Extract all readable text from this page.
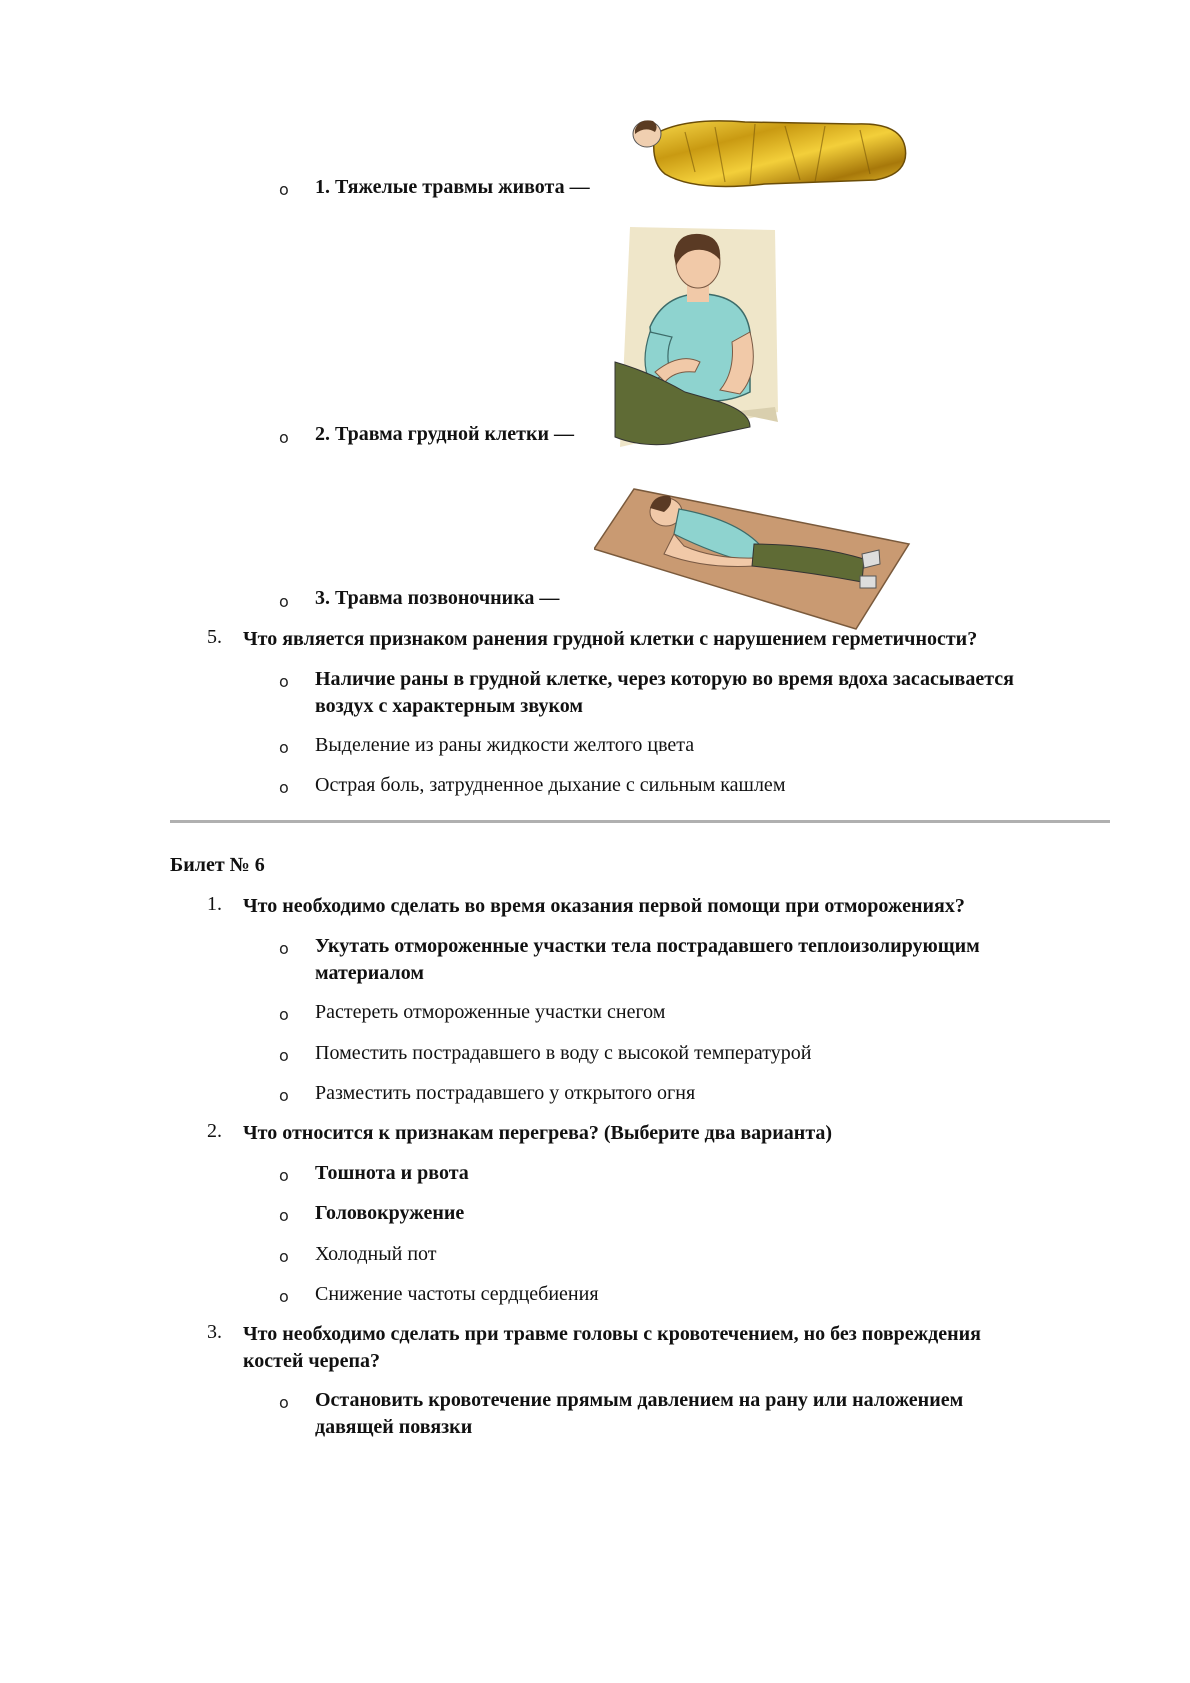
o 1. Тяжелые травмы живота —
o 2. Травма грудной клетки —
o 3. Травма позвоночника —
5. Что является признаком ранения грудной клетки с нарушением герметичности?
o Наличие раны в грудной клетке, через которую во время вдоха засасывается
воздух с характерным звуком
o Выделение из раны жидкости желтого цвета
o Острая боль, затрудненное дыхание с сильным кашлем
Билет № 6
1. Что необходимо сделать во время оказания первой помощи при отморожениях?
o Укутать отмороженные участки тела пострадавшего теплоизолирующим
материалом
o Растереть отмороженные участки снегом
o Поместить пострадавшего в воду с высокой температурой
o Разместить пострадавшего у открытого огня
2. Что относится к признакам перегрева? (Выберите два варианта)
o Тошнота и рвота
o Головокружение
o Холодный пот
o Снижение частоты сердцебиения
3. Что необходимо сделать при травме головы с кровотечением, но без повреждения
костей черепа?
o Остановить кровотечение прямым давлением на рану или наложением
давящей повязки
